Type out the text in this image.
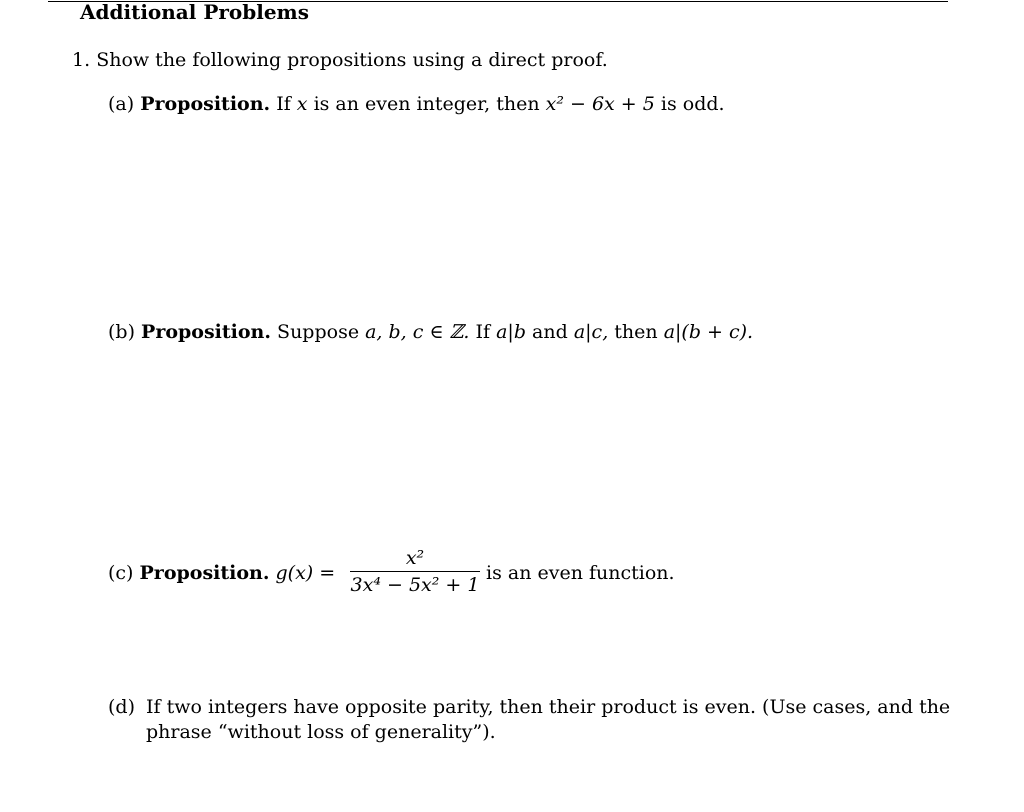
Additional Problems
1. Show the following propositions using a direct proof.
(a) Proposition. If x is an even integer, then x² − 6x + 5 is odd.
(b) Proposition. Suppose a, b, c ∈ ℤ. If a|b and a|c, then a|(b + c).
(c) Proposition. g(x) =
x²
3x⁴ − 5x² + 1
is an even function.
(d) If two integers have opposite parity, then their product is even. (Use cases, and the
phrase “without loss of generality”).
